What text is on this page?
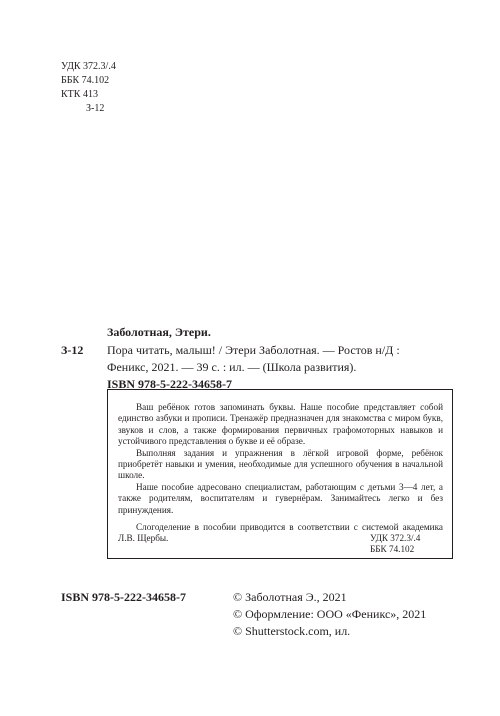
УДК 372.3/.4
ББК 74.102
КТК 413
З-12
Заболотная, Этери.
З-12 Пора читать, малыш! / Этери Заболотная. — Ростов н/Д :
Феникс, 2021. — 39 с. : ил. — (Школа развития).
ISBN 978-5-222-34658-7

Ваш ребёнок готов запоминать буквы. Наше пособие представляет собой единство азбуки и прописи. Тренажёр предназначен для знакомства с миром букв, звуков и слов, а также формирования первичных графомоторных навыков и устойчивого представления о букве и её образе.

Выполняя задания и упражнения в лёгкой игровой форме, ребёнок приобретёт навыки и умения, необходимые для успешного обучения в начальной школе.

Наше пособие адресовано специалистам, работающим с детьми 3—4 лет, а также родителям, воспитателям и гувернёрам. Занимайтесь легко и без принуждения.

Слогоделение в пособии приводится в соответствии с системой академика Л.В. Щербы.	УДК 372.3/.4
ББК 74.102
ISBN 978-5-222-34658-7	© Заболотная Э., 2021
© Оформление: ООО «Феникс», 2021
© Shutterstock.com, ил.
